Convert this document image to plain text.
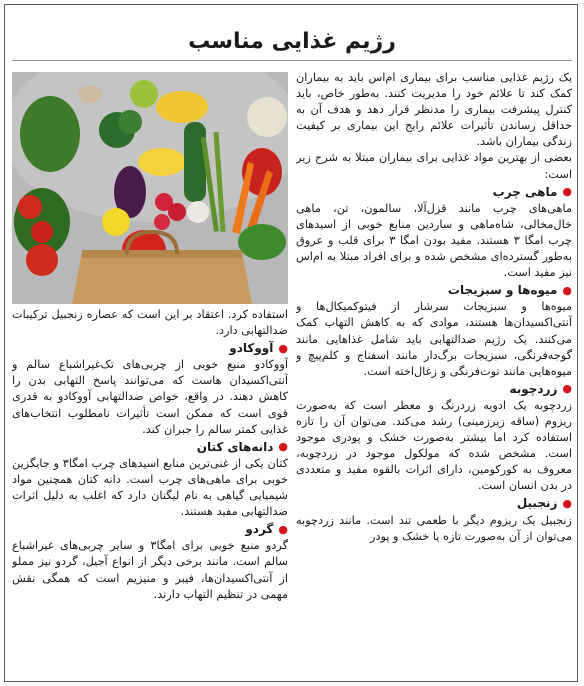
رژیم غذایی مناسب

یک رژیم غذایی مناسب برای بیماری ام‌اس باید به بیماران کمک کند تا علائم خود را مدیریت کنند. به‌طور خاص، باید کنترل پیشرفت بیماری را مدنظر قرار دهد و هدف آن به حداقل رساندن تأثیرات علائم رایج این بیماری بر کیفیت زندگی بیماران باشد.

بعضی از بهترین مواد غذایی برای بیماران مبتلا به شرح زیر است:

●
ماهی چرب

ماهی‌های چرب مانند قزل‌آلا، سالمون، تن، ماهی خال‌مخالی، شاه‌ماهی و ساردین منابع خوبی از اسیدهای چرب امگا ۳ هستند. مفید بودن امگا ۳ برای قلب و عروق به‌طور گسترده‌ای مشخص شده و برای افراد مبتلا به ام‌اس نیز مفید است.

●
میوه‌ها و سبزیجات

میوه‌ها و سبزیجات سرشار از فیتوکمیکال‌ها و آنتی‌اکسیدان‌ها هستند، موادی که به کاهش التهاب کمک می‌کنند. یک رژیم ضدالتهابی باید شامل غذاهایی مانند گوجه‌فرنگی، سبزیجات برگ‌دار مانند اسفناج و کلم‌پیچ و میوه‌هایی مانند توت‌فرنگی و زغال‌اخته است.

●
زردچوبه

زردچوبه یک ادویه زردرنگ و معطر است که به‌صورت ریزوم (ساقه زیرزمینی) رشد می‌کند. می‌توان آن را تازه استفاده کرد اما بیشتر به‌صورت خشک و پودری موجود است. مشخص شده که مولکول موجود در زردچوبه، معروف به کورکومین، دارای اثرات بالقوه مفید و متعددی در بدن انسان است.

●
زنجبیل

زنجبیل یک ریزوم دیگر با طعمی تند است. مانند زردچوبه می‌توان از آن به‌صورت تازه یا خشک و پودر

استفاده کرد. اعتقاد بر این است که عصاره زنجبیل ترکیبات ضدالتهابی دارد.

●
آووکادو

آووکادو منبع خوبی از چربی‌های تک‌غیراشباع سالم و آنتی‌اکسیدان هاست که می‌توانند پاسخ التهابی بدن را کاهش دهند. در واقع، خواص ضدالتهابی آووکادو به قدری قوی است که ممکن است تأثیرات نامطلوب انتخاب‌های غذایی کمتر سالم را جبران کند.

●
دانه‌های کتان

کتان یکی از غنی‌ترین منابع اسیدهای چرب امگا۳ و جایگزین خوبی برای ماهی‌های چرب است. دانه کتان همچنین مواد شیمیایی گیاهی به نام لیگنان دارد که اغلب به دلیل اثرات ضدالتهابی مفید هستند.

●
گردو

گردو منبع خوبی برای امگا۳ و سایر چربی‌های غیراشباع سالم است. مانند برخی دیگر از انواع آجیل، گردو نیز مملو از آنتی‌اکسیدان‌ها، فیبر و منیزیم است که همگی نقش مهمی در تنظیم التهاب دارند.
